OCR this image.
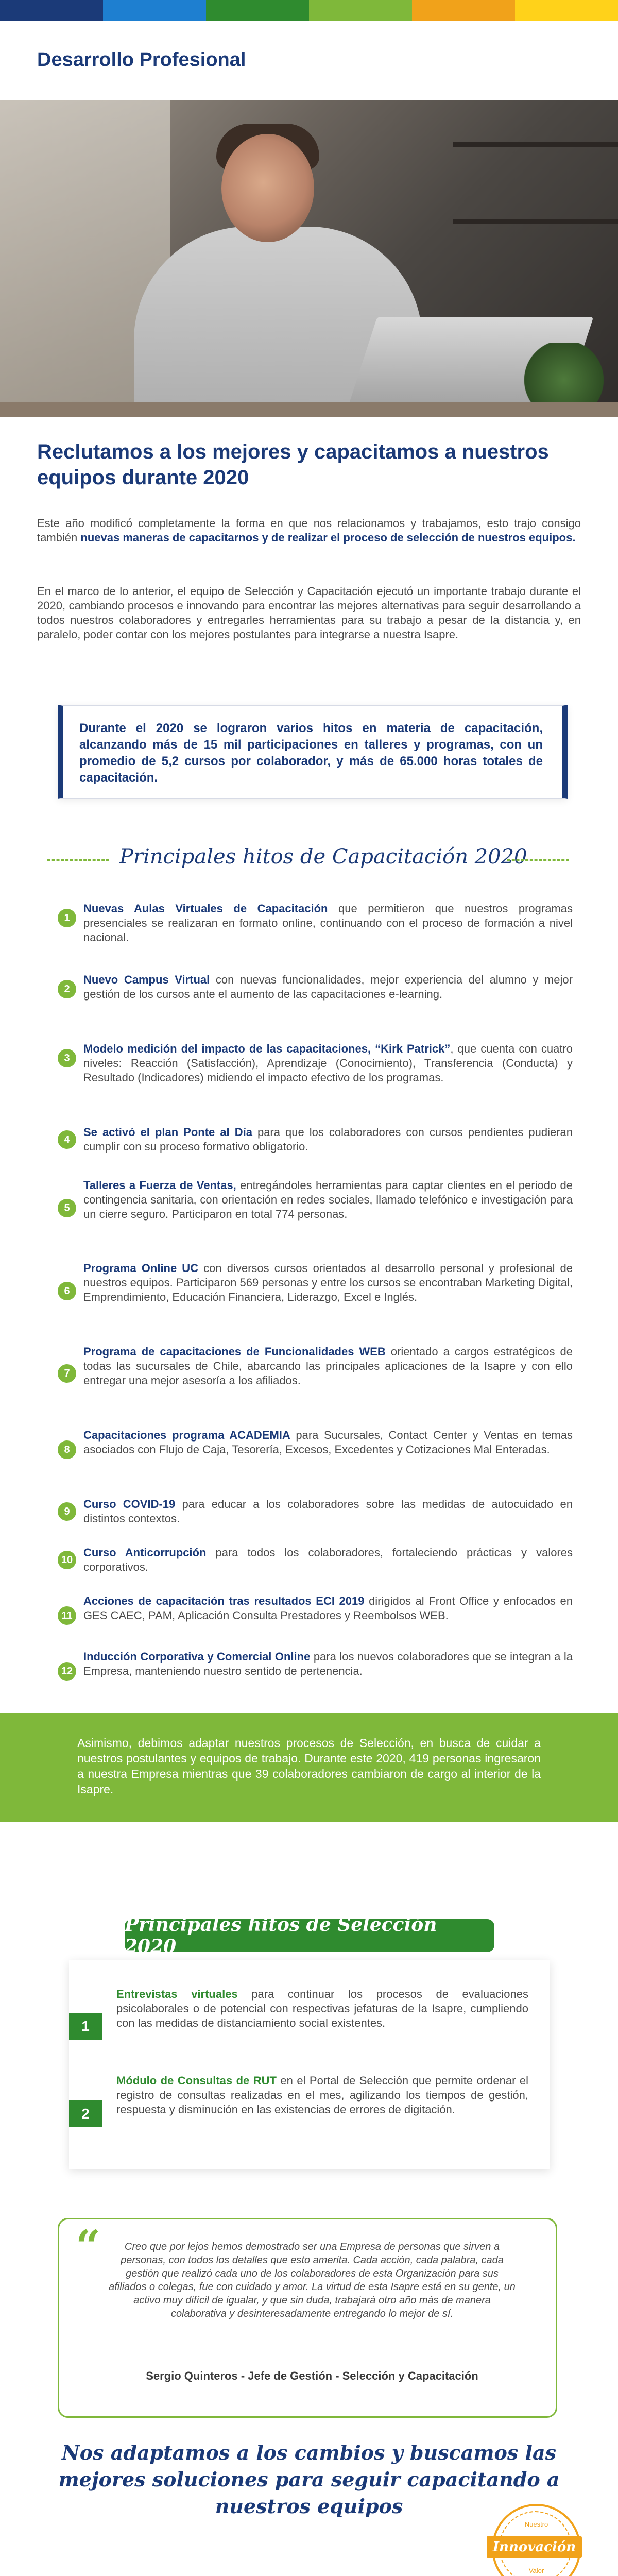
Desarrollo Profesional
Reclutamos a los mejores y capacitamos a nuestros equipos durante 2020

Este año modificó completamente la forma en que nos relacionamos y trabajamos, esto trajo consigo también nuevas maneras de capacitarnos y de realizar el proceso de selección de nuestros equipos.

En el marco de lo anterior, el equipo de Selección y Capacitación ejecutó un importante trabajo durante el 2020, cambiando procesos e innovando para encontrar las mejores alternativas para seguir desarrollando a todos nuestros colaboradores y entregarles herramientas para su trabajo a pesar de la distancia y, en paralelo, poder contar con los mejores postulantes para integrarse a nuestra Isapre.

Durante el 2020 se lograron varios hitos en materia de capacitación, alcanzando más de 15 mil participaciones en talleres y programas, con un promedio de 5,2 cursos por colaborador, y más de 65.000 horas totales de capacitación.

Principales hitos de Capacitación 2020
1

Nuevas Aulas Virtuales de Capacitación que permitieron que nuestros programas presenciales se realizaran en formato online, continuando con el proceso de formación a nivel nacional.

2

Nuevo Campus Virtual con nuevas funcionalidades, mejor experiencia del alumno y mejor gestión de los cursos ante el aumento de las capacitaciones e-learning.

3

Modelo medición del impacto de las capacitaciones, “Kirk Patrick”, que cuenta con cuatro niveles: Reacción (Satisfacción), Aprendizaje (Conocimiento), Transferencia (Conducta) y Resultado (Indicadores) midiendo el impacto efectivo de los programas.

4

Se activó el plan Ponte al Día para que los colaboradores con cursos pendientes pudieran cumplir con su proceso formativo obligatorio.

5

Talleres a Fuerza de Ventas, entregándoles herramientas para captar clientes en el periodo de contingencia sanitaria, con orientación en redes sociales, llamado telefónico e investigación para un cierre seguro. Participaron en total 774 personas.

6

Programa Online UC con diversos cursos orientados al desarrollo personal y profesional de nuestros equipos. Participaron 569 personas y entre los cursos se encontraban Marketing Digital, Emprendimiento, Educación Financiera, Liderazgo, Excel e Inglés.

7

Programa de capacitaciones de Funcionalidades WEB orientado a cargos estratégicos de todas las sucursales de Chile, abarcando las principales aplicaciones de la Isapre y con ello entregar una mejor asesoría a los afiliados.

8

Capacitaciones programa ACADEMIA para Sucursales, Contact Center y Ventas en temas asociados con Flujo de Caja, Tesorería, Excesos, Excedentes y Cotizaciones Mal Enteradas.

9

Curso COVID-19 para educar a los colaboradores sobre las medidas de autocuidado en distintos contextos.

10

Curso Anticorrupción para todos los colaboradores, fortaleciendo prácticas y valores corporativos.

11

Acciones de capacitación tras resultados ECI 2019 dirigidos al Front Office y enfocados en GES CAEC, PAM, Aplicación Consulta Prestadores y Reembolsos WEB.

12

Inducción Corporativa y Comercial Online para los nuevos colaboradores que se integran a la Empresa, manteniendo nuestro sentido de pertenencia.

Asimismo, debimos adaptar nuestros procesos de Selección, en busca de cuidar a nuestros postulantes y equipos de trabajo. Durante este 2020, 419 personas ingresaron a nuestra Empresa mientras que 39 colaboradores cambiaron de cargo al interior de la Isapre.

Principales hitos de Selección 2020
1

Entrevistas virtuales para continuar los procesos de evaluaciones psicolaborales o de potencial con respectivas jefaturas de la Isapre, cumpliendo con las medidas de distanciamiento social existentes.

2

Módulo de Consultas de RUT en el Portal de Selección que permite ordenar el registro de consultas realizadas en el mes, agilizando los tiempos de gestión, respuesta y disminución en las existencias de errores de digitación.

“	Creo que por lejos hemos demostrado ser una Empresa de personas que sirven a personas, con todos los detalles que esto amerita. Cada acción, cada palabra, cada gestión que realizó cada uno de los colaboradores de esta Organización para sus afiliados o colegas, fue con cuidado y amor. La virtud de esta Isapre está en su gente, un activo muy difícil de igualar, y que sin duda, trabajará otro año más de manera colaborativa y desinteresadamente entregando lo mejor de sí.

Sergio Quinteros - Jefe de Gestión - Selección y Capacitación

Nos adaptamos a los cambios y buscamos las mejores soluciones para seguir capacitando a nuestros equipos

Nuestro
Innovación
Valor
